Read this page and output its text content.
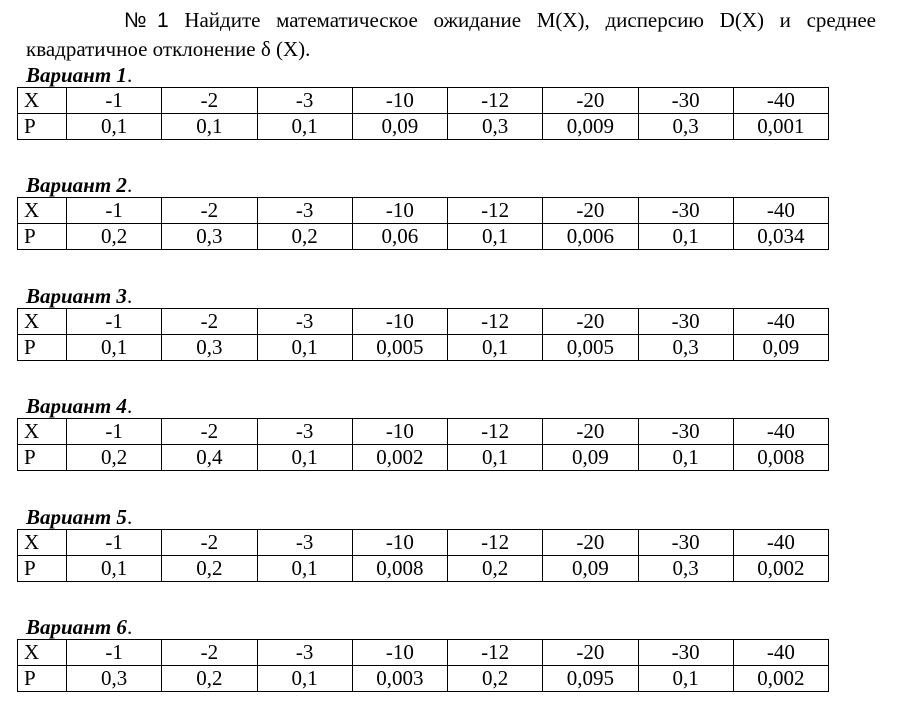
№1 Найдите математическое ожидание M(X), дисперсию D(X) и среднее
квадратичное отклонение δ (X).
Вариант 1.
X	-1	-2	-3	-10	-12	-20	-30	-40
P	0,1	0,1	0,1	0,09	0,3	0,009	0,3	0,001
Вариант 2.
X	-1	-2	-3	-10	-12	-20	-30	-40
P	0,2	0,3	0,2	0,06	0,1	0,006	0,1	0,034
Вариант 3.
X	-1	-2	-3	-10	-12	-20	-30	-40
P	0,1	0,3	0,1	0,005	0,1	0,005	0,3	0,09
Вариант 4.
X	-1	-2	-3	-10	-12	-20	-30	-40
P	0,2	0,4	0,1	0,002	0,1	0,09	0,1	0,008
Вариант 5.
X	-1	-2	-3	-10	-12	-20	-30	-40
P	0,1	0,2	0,1	0,008	0,2	0,09	0,3	0,002
Вариант 6.
X	-1	-2	-3	-10	-12	-20	-30	-40
P	0,3	0,2	0,1	0,003	0,2	0,095	0,1	0,002
